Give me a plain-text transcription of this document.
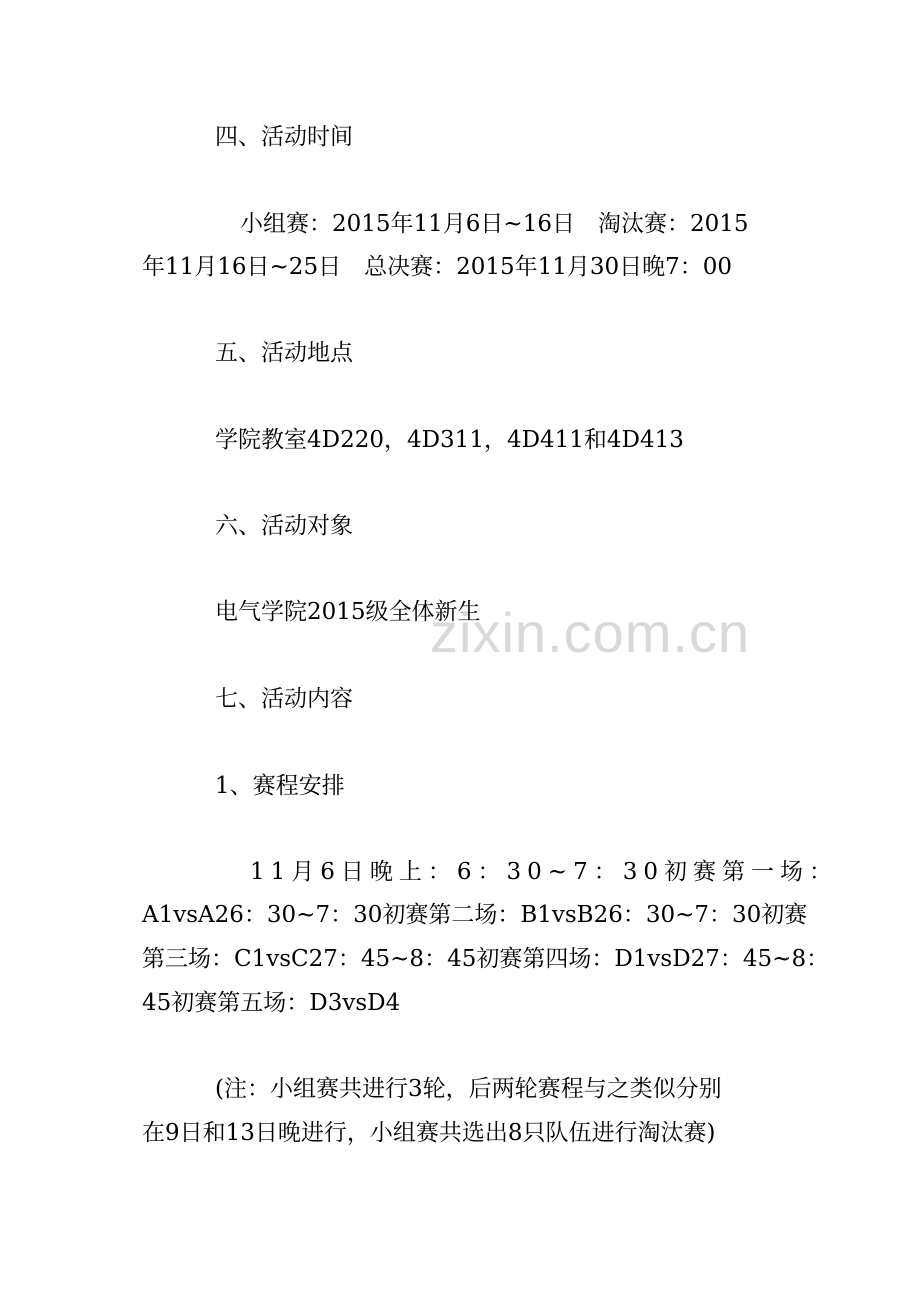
四、活动时间
小组赛：2015年11月6日~16日　淘汰赛：2015
年11月16日~25日　总决赛：2015年11月30日晚7：00
五、活动地点
学院教室4D220，4D311，4D411和4D413
六、活动对象
电气学院2015级全体新生
七、活动内容
1、赛程安排
11月6日晚上：6：30~7：30初赛第一场：
A1vsA26：30~7：30初赛第二场：B1vsB26：30~7：30初赛
第三场：C1vsC27：45~8：45初赛第四场：D1vsD27：45~8：
45初赛第五场：D3vsD4
(注：小组赛共进行3轮，后两轮赛程与之类似分别
在9日和13日晚进行，小组赛共选出8只队伍进行淘汰赛)
zixin.com.cn
